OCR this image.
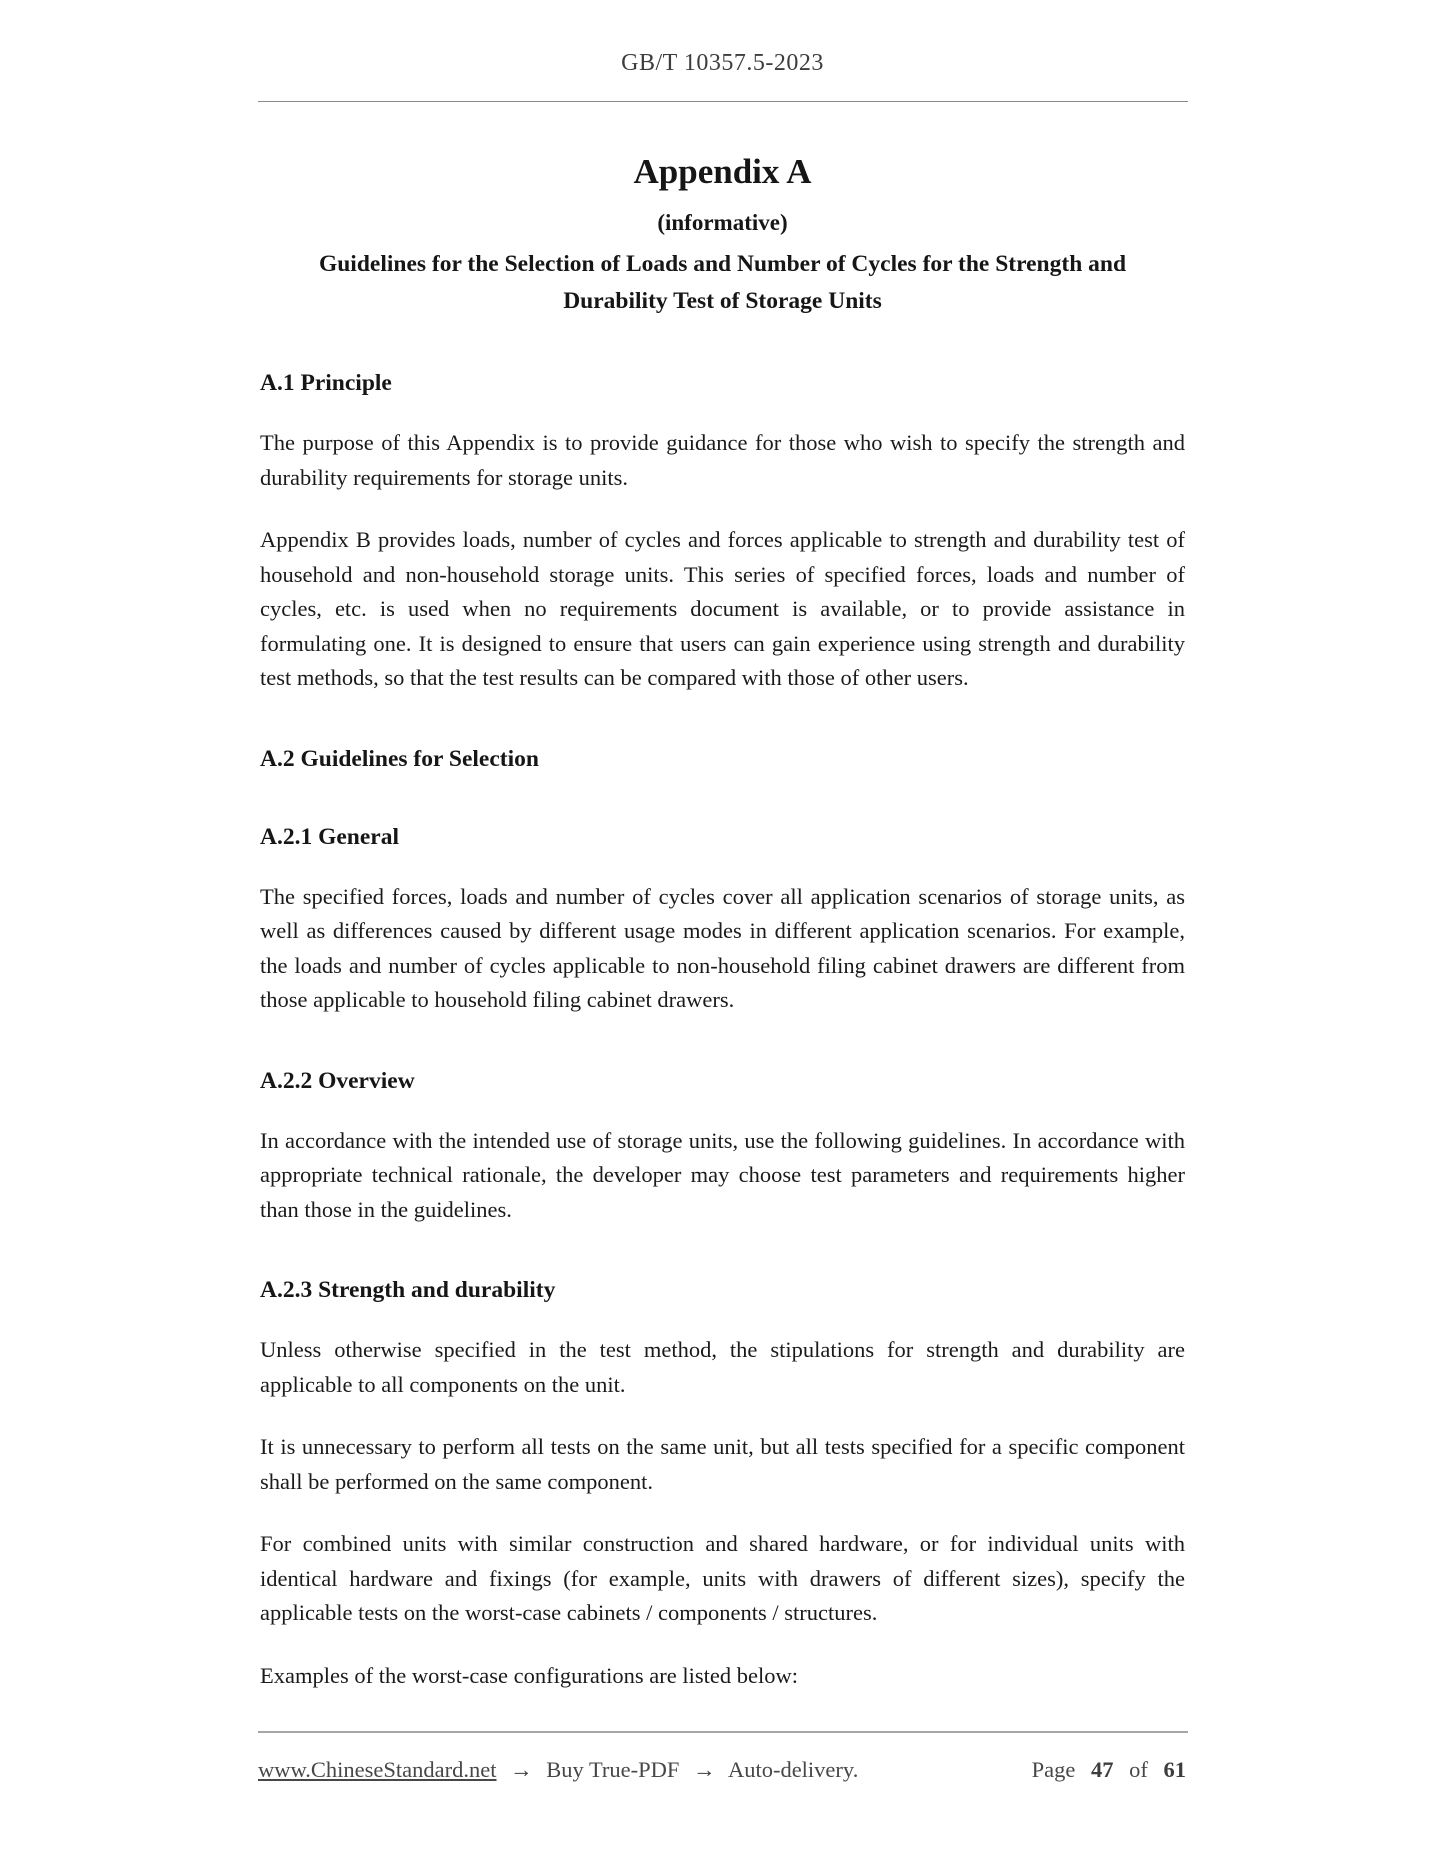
GB/T 10357.5-2023
Appendix A
(informative)
Guidelines for the Selection of Loads and Number of Cycles for the Strength and Durability Test of Storage Units
A.1 Principle

The purpose of this Appendix is to provide guidance for those who wish to specify the strength and durability requirements for storage units.

Appendix B provides loads, number of cycles and forces applicable to strength and durability test of household and non-household storage units. This series of specified forces, loads and number of cycles, etc. is used when no requirements document is available, or to provide assistance in formulating one. It is designed to ensure that users can gain experience using strength and durability test methods, so that the test results can be compared with those of other users.

A.2 Guidelines for Selection
A.2.1 General

The specified forces, loads and number of cycles cover all application scenarios of storage units, as well as differences caused by different usage modes in different application scenarios. For example, the loads and number of cycles applicable to non-household filing cabinet drawers are different from those applicable to household filing cabinet drawers.

A.2.2 Overview

In accordance with the intended use of storage units, use the following guidelines. In accordance with appropriate technical rationale, the developer may choose test parameters and requirements higher than those in the guidelines.

A.2.3 Strength and durability

Unless otherwise specified in the test method, the stipulations for strength and durability are applicable to all components on the unit.

It is unnecessary to perform all tests on the same unit, but all tests specified for a specific component shall be performed on the same component.

For combined units with similar construction and shared hardware, or for individual units with identical hardware and fixings (for example, units with drawers of different sizes), specify the applicable tests on the worst-case cabinets / components / structures.

Examples of the worst-case configurations are listed below:

www.ChineseStandard.net → Buy True-PDF → Auto-delivery.	Page 47 of 61
